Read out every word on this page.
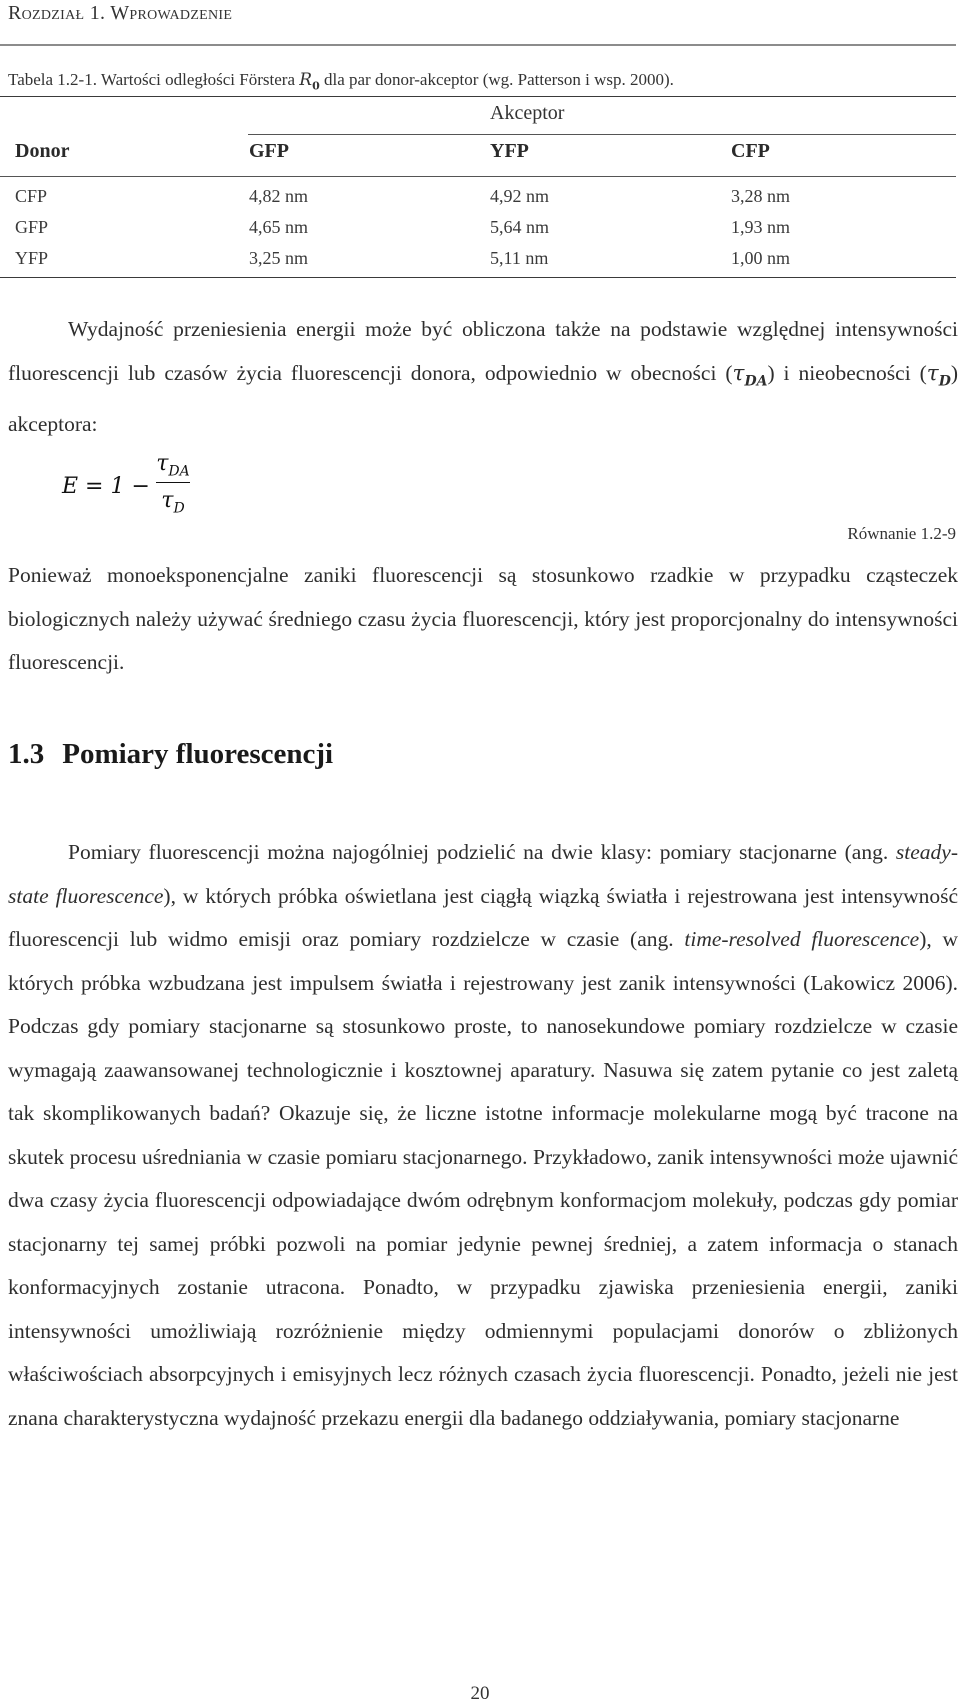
Rozdział 1. Wprowadzenie
Tabela 1.2-1. Wartości odległości Förstera $R_0$ dla par donor-akceptor (wg. Patterson i wsp. 2000).
Akceptor
Donor	GFP	YFP	CFP
CFP	4,82 nm	4,92 nm	3,28 nm
GFP	4,65 nm	5,64 nm	1,93 nm
YFP	3,25 nm	5,11 nm	1,00 nm

Wydajność przeniesienia energii może być obliczona także na podstawie względnej intensywności fluorescencji lub czasów życia fluorescencji donora, odpowiednio w obecności $(\tau_{DA})$ i nieobecności $(\tau_D)$ akceptora:

E = 1 −
$\tau_{DA}$
$\tau_D$
Równanie 1.2-9

Ponieważ monoeksponencjalne zaniki fluorescencji są stosunkowo rzadkie w przypadku cząsteczek biologicznych należy używać średniego czasu życia fluorescencji, który jest proporcjonalny do intensywności fluorescencji.

1.3 Pomiary fluorescencji

Pomiary fluorescencji można najogólniej podzielić na dwie klasy: pomiary stacjonarne (ang. steady-state fluorescence), w których próbka oświetlana jest ciągłą wiązką światła i rejestrowana jest intensywność fluorescencji lub widmo emisji oraz pomiary rozdzielcze w czasie (ang. time-resolved fluorescence), w których próbka wzbudzana jest impulsem światła i rejestrowany jest zanik intensywności (Lakowicz 2006). Podczas gdy pomiary stacjonarne są stosunkowo proste, to nanosekundowe pomiary rozdzielcze w czasie wymagają zaawansowanej technologicznie i kosztownej aparatury. Nasuwa się zatem pytanie co jest zaletą tak skomplikowanych badań? Okazuje się, że liczne istotne informacje molekularne mogą być tracone na skutek procesu uśredniania w czasie pomiaru stacjonarnego. Przykładowo, zanik intensywności może ujawnić dwa czasy życia fluorescencji odpowiadające dwóm odrębnym konformacjom molekuły, podczas gdy pomiar stacjonarny tej samej próbki pozwoli na pomiar jedynie pewnej średniej, a zatem informacja o stanach konformacyjnych zostanie utracona. Ponadto, w przypadku zjawiska przeniesienia energii, zaniki intensywności umożliwiają rozróżnienie między odmiennymi populacjami donorów o zbliżonych właściwościach absorpcyjnych i emisyjnych lecz różnych czasach życia fluorescencji. Ponadto, jeżeli nie jest znana charakterystyczna wydajność przekazu energii dla badanego oddziaływania, pomiary stacjonarne

20
